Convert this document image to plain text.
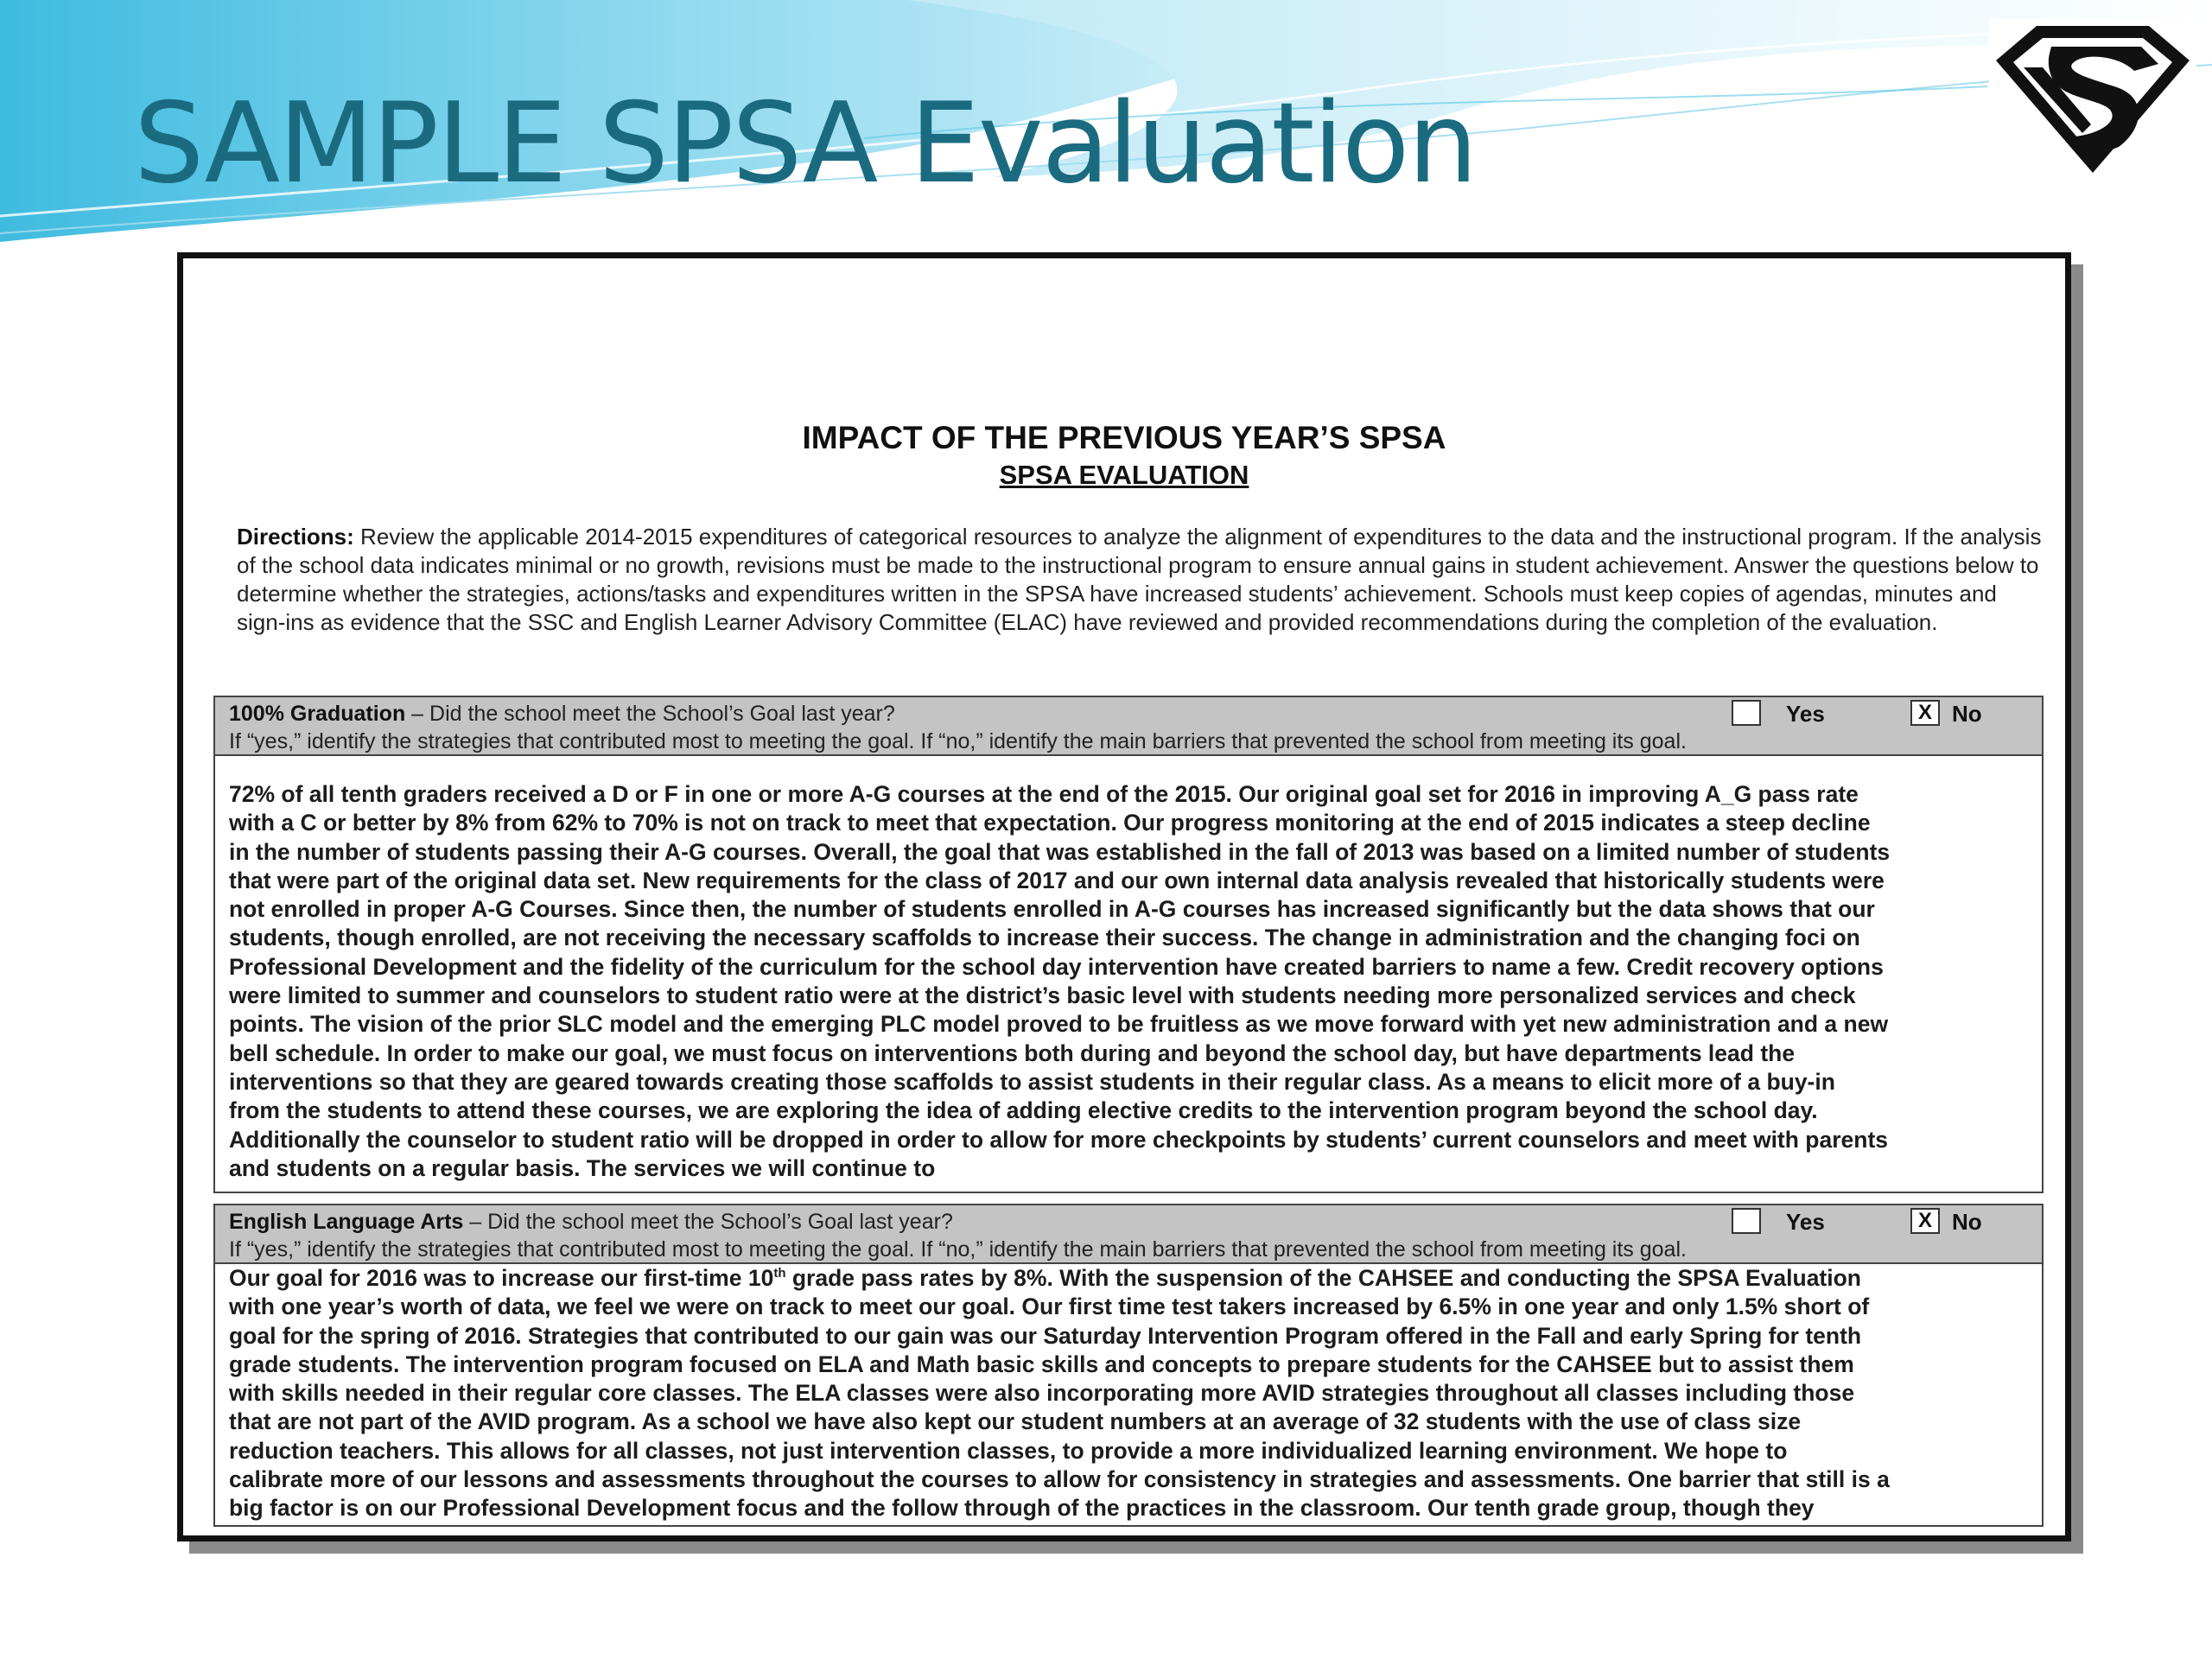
SAMPLE SPSA Evaluation
IMPACT OF THE PREVIOUS YEAR’S SPSA
SPSA EVALUATION
Directions: Review the applicable 2014-2015 expenditures of categorical resources to analyze the alignment of expenditures to the data and the instructional program. If the analysis of the school data indicates minimal or no growth, revisions must be made to the instructional program to ensure annual gains in student achievement. Answer the questions below to determine whether the strategies, actions/tasks and expenditures written in the SPSA have increased students’ achievement. Schools must keep copies of agendas, minutes and sign-ins as evidence that the SSC and English Learner Advisory Committee (ELAC) have reviewed and provided recommendations during the completion of the evaluation.
100% Graduation – Did the school meet the School’s Goal last year?	Yes	X No
If “yes,” identify the strategies that contributed most to meeting the goal. If “no,” identify the main barriers that prevented the school from meeting its goal.
72% of all tenth graders received a D or F in one or more A-G courses at the end of the 2015. Our original goal set for 2016 in improving A_G pass rate
with a C or better by 8% from 62% to 70% is not on track to meet that expectation. Our progress monitoring at the end of 2015 indicates a steep decline
in the number of students passing their A-G courses. Overall, the goal that was established in the fall of 2013 was based on a limited number of students
that were part of the original data set. New requirements for the class of 2017 and our own internal data analysis revealed that historically students were
not enrolled in proper A-G Courses. Since then, the number of students enrolled in A-G courses has increased significantly but the data shows that our
students, though enrolled, are not receiving the necessary scaffolds to increase their success. The change in administration and the changing foci on
Professional Development and the fidelity of the curriculum for the school day intervention have created barriers to name a few. Credit recovery options
were limited to summer and counselors to student ratio were at the district’s basic level with students needing more personalized services and check
points. The vision of the prior SLC model and the emerging PLC model proved to be fruitless as we move forward with yet new administration and a new
bell schedule. In order to make our goal, we must focus on interventions both during and beyond the school day, but have departments lead the
interventions so that they are geared towards creating those scaffolds to assist students in their regular class. As a means to elicit more of a buy-in
from the students to attend these courses, we are exploring the idea of adding elective credits to the intervention program beyond the school day.
Additionally the counselor to student ratio will be dropped in order to allow for more checkpoints by students’ current counselors and meet with parents
and students on a regular basis. The services we will continue to
English Language Arts – Did the school meet the School’s Goal last year?	Yes	X No
If “yes,” identify the strategies that contributed most to meeting the goal. If “no,” identify the main barriers that prevented the school from meeting its goal.
Our goal for 2016 was to increase our first-time 10th grade pass rates by 8%. With the suspension of the CAHSEE and conducting the SPSA Evaluation
with one year’s worth of data, we feel we were on track to meet our goal. Our first time test takers increased by 6.5% in one year and only 1.5% short of
goal for the spring of 2016. Strategies that contributed to our gain was our Saturday Intervention Program offered in the Fall and early Spring for tenth
grade students. The intervention program focused on ELA and Math basic skills and concepts to prepare students for the CAHSEE but to assist them
with skills needed in their regular core classes. The ELA classes were also incorporating more AVID strategies throughout all classes including those
that are not part of the AVID program. As a school we have also kept our student numbers at an average of 32 students with the use of class size
reduction teachers. This allows for all classes, not just intervention classes, to provide a more individualized learning environment. We hope to
calibrate more of our lessons and assessments throughout the courses to allow for consistency in strategies and assessments. One barrier that still is a
big factor is on our Professional Development focus and the follow through of the practices in the classroom. Our tenth grade group, though they
